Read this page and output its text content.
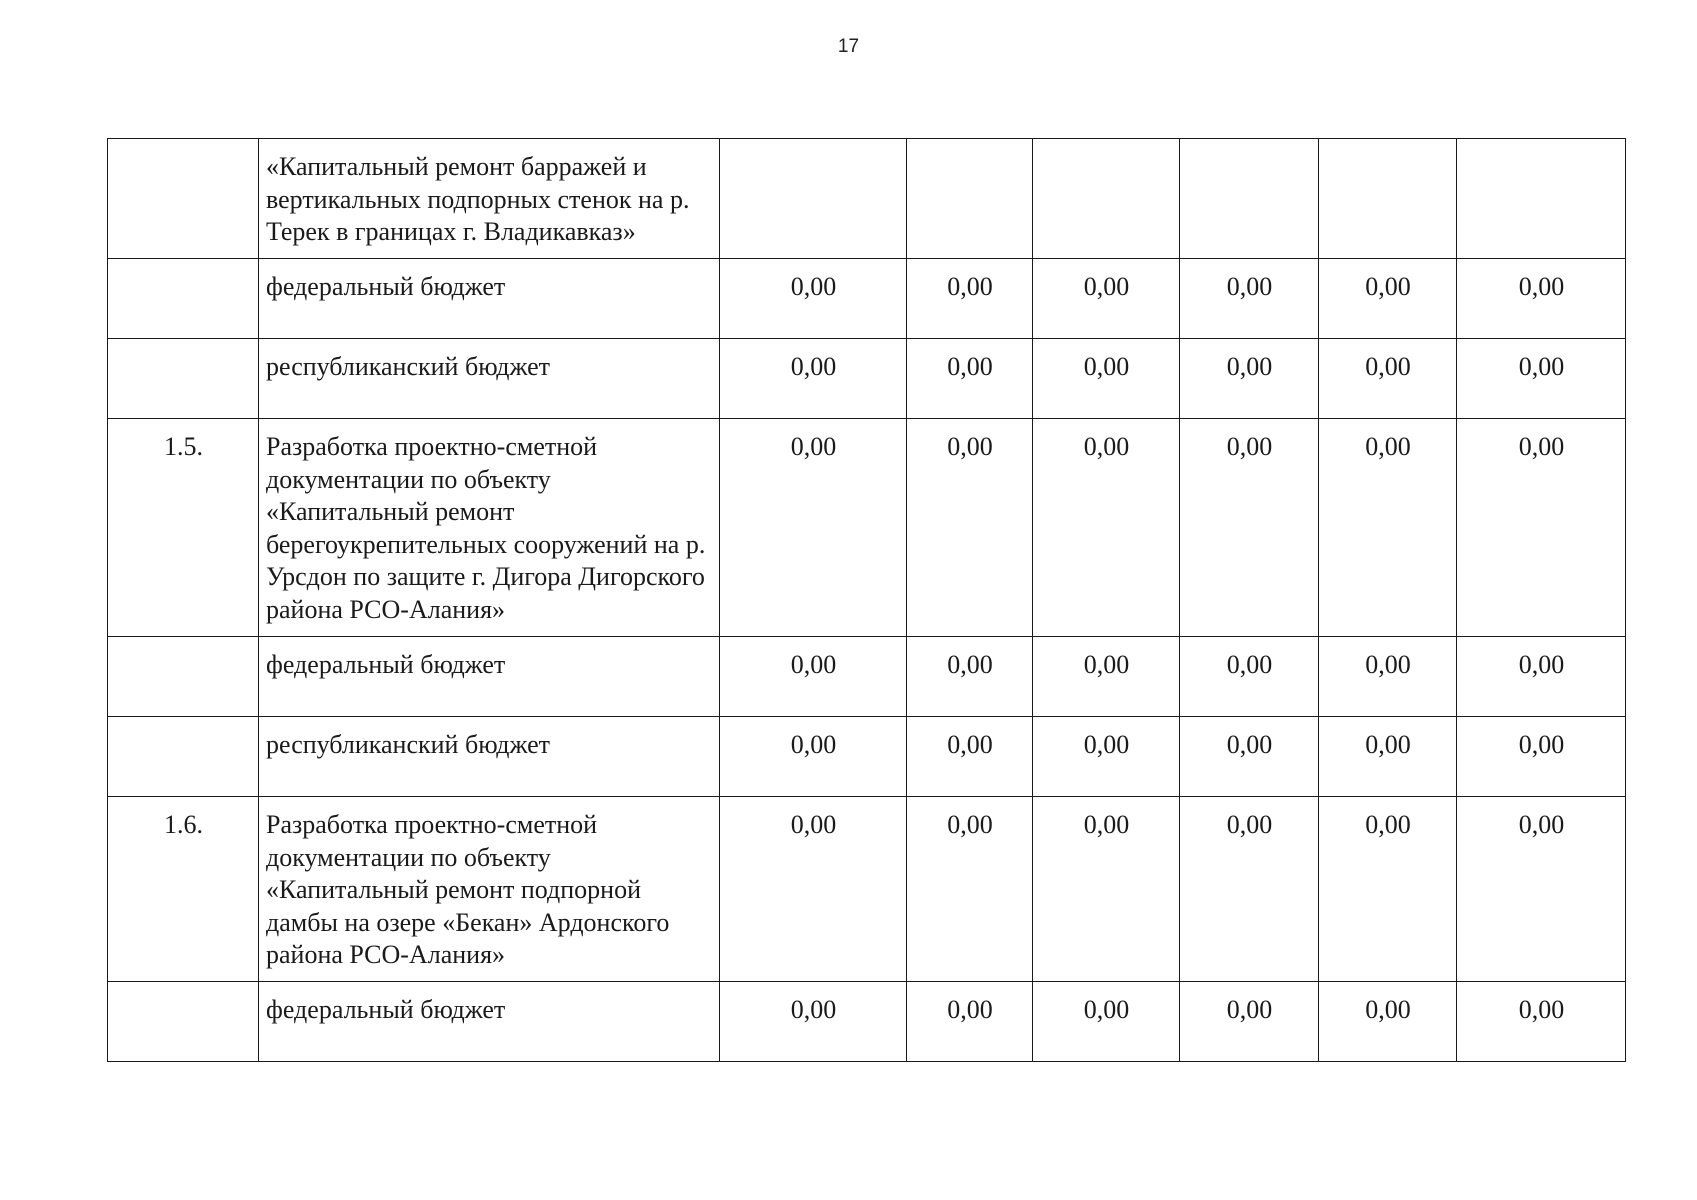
17
	«Капитальный ремонт барражей и вертикальных подпорных стенок на р. Терек в границах г. Владикавказ»						
	федеральный бюджет	0,00	0,00	0,00	0,00	0,00	0,00
	республиканский бюджет	0,00	0,00	0,00	0,00	0,00	0,00
1.5.	Разработка проектно-сметной документации по объекту «Капитальный ремонт берегоукрепительных сооружений на р. Урсдон по защите г. Дигора Дигорского района РСО-Алания»	0,00	0,00	0,00	0,00	0,00	0,00
	федеральный бюджет	0,00	0,00	0,00	0,00	0,00	0,00
	республиканский бюджет	0,00	0,00	0,00	0,00	0,00	0,00
1.6.	Разработка проектно-сметной документации по объекту «Капитальный ремонт подпорной дамбы на озере «Бекан» Ардонского района РСО-Алания»	0,00	0,00	0,00	0,00	0,00	0,00
	федеральный бюджет	0,00	0,00	0,00	0,00	0,00	0,00
